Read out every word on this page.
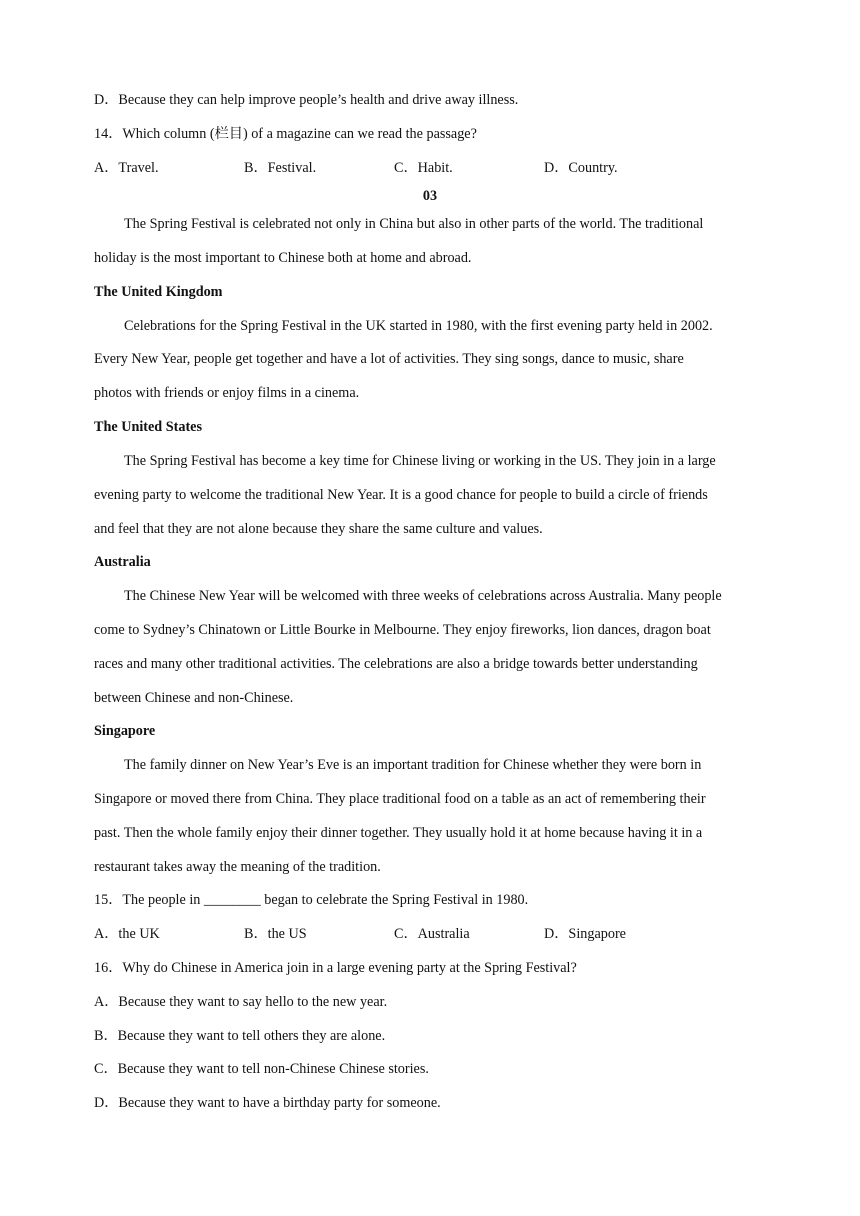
D．Because they can help improve people’s health and drive away illness.
14．Which column (栏目) of a magazine can we read the passage?
A．Travel.	B．Festival.	C．Habit.	D．Country.
03
The Spring Festival is celebrated not only in China but also in other parts of the world. The traditional
holiday is the most important to Chinese both at home and abroad.
The United Kingdom
Celebrations for the Spring Festival in the UK started in 1980, with the first evening party held in 2002.
Every New Year, people get together and have a lot of activities. They sing songs, dance to music, share
photos with friends or enjoy films in a cinema.
The United States
The Spring Festival has become a key time for Chinese living or working in the US. They join in a large
evening party to welcome the traditional New Year. It is a good chance for people to build a circle of friends
and feel that they are not alone because they share the same culture and values.
Australia
The Chinese New Year will be welcomed with three weeks of celebrations across Australia. Many people
come to Sydney’s Chinatown or Little Bourke in Melbourne. They enjoy fireworks, lion dances, dragon boat
races and many other traditional activities. The celebrations are also a bridge towards better understanding
between Chinese and non-Chinese.
Singapore
The family dinner on New Year’s Eve is an important tradition for Chinese whether they were born in
Singapore or moved there from China. They place traditional food on a table as an act of remembering their
past. Then the whole family enjoy their dinner together. They usually hold it at home because having it in a
restaurant takes away the meaning of the tradition.
15．The people in ________ began to celebrate the Spring Festival in 1980.
A．the UK	B．the US	C．Australia	D．Singapore
16．Why do Chinese in America join in a large evening party at the Spring Festival?
A．Because they want to say hello to the new year.
B．Because they want to tell others they are alone.
C．Because they want to tell non-Chinese Chinese stories.
D．Because they want to have a birthday party for someone.
